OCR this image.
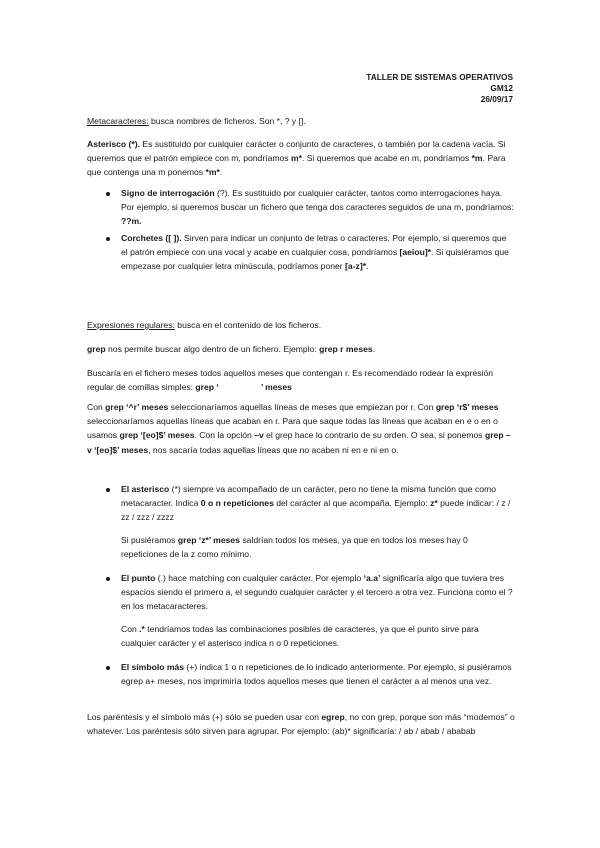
TALLER DE SISTEMAS OPERATIVOS
GM12
26/09/17
Metacaracteres: busca nombres de ficheros. Son *, ? y [].
Asterisco (*). Es sustituido por cualquier carácter o conjunto de caracteres, o también por la cadena vacía. Si queremos que el patrón empiece con m, pondríamos m*. Si queremos que acabe en m, pondríamos *m. Para que contenga una m ponemos *m*.
Signo de interrogación (?). Es sustituido por cualquier carácter, tantos como interrogaciones haya. Por ejemplo, si queremos buscar un fichero que tenga dos caracteres seguidos de una m, pondríamos: ??m.
Corchetes ([ ]). Sirven para indicar un conjunto de letras o caracteres. Por ejemplo, si queremos que el patrón empiece con una vocal y acabe en cualquier cosa, pondríamos [aeiou]*. Si quisiéramos que empezase por cualquier letra minúscula, podríamos poner [a-z]*.
Expresiones regulares: busca en el contenido de los ficheros.
grep nos permite buscar algo dentro de un fichero. Ejemplo: grep r meses.
Buscaría en el fichero meses todos aquellos meses que contengan r. Es recomendado rodear la expresión regular de comillas simples: grep ‘	’ meses
Con grep ‘^r’ meses seleccionaríamos aquellas líneas de meses que empiezan por r. Con grep ‘r$’ meses seleccionaríamos aquellas líneas que acaban en r. Para que saque todas las líneas que acaban en e o en o usamos grep ‘[eo]$’ meses. Con la opción –v el grep hace lo contrario de su orden. O sea, si ponemos grep –v ‘[eo]$’ meses, nos sacaría todas aquellas líneas que no acaben ni en e ni en o.
El asterisco (*) siempre va acompañado de un carácter, pero no tiene la misma función que como metacaracter. Indica 0 o n repeticiones del carácter al que acompaña. Ejemplo: z* puede indicar: / z / zz / zzz / zzzz
Si pusiéramos grep ‘z*’ meses saldrían todos los meses, ya que en todos los meses hay 0 repeticiones de la z como mínimo.
El punto (.) hace matching con cualquier carácter. Por ejemplo ‘a.a’ significaría algo que tuviera tres espacios siendo el primero a, el segundo cualquier carácter y el tercero a otra vez. Funciona como el ? en los metacaracteres.
Con .* tendríamos todas las combinaciones posibles de caracteres, ya que el punto sirve para cualquier carácter y el asterisco indica n o 0 repeticiones.
El símbolo más (+) indica 1 o n repeticiones de lo indicado anteriormente. Por ejemplo, si pusiéramos egrep a+ meses, nos imprimiría todos aquellos meses que tienen el carácter a al menos una vez.
Los paréntesis y el símbolo más (+) sólo se pueden usar con egrep, no con grep, porque son más “modernos” o whatever. Los paréntesis sólo sirven para agrupar. Por ejemplo: (ab)* significaría: / ab / abab / ababab
